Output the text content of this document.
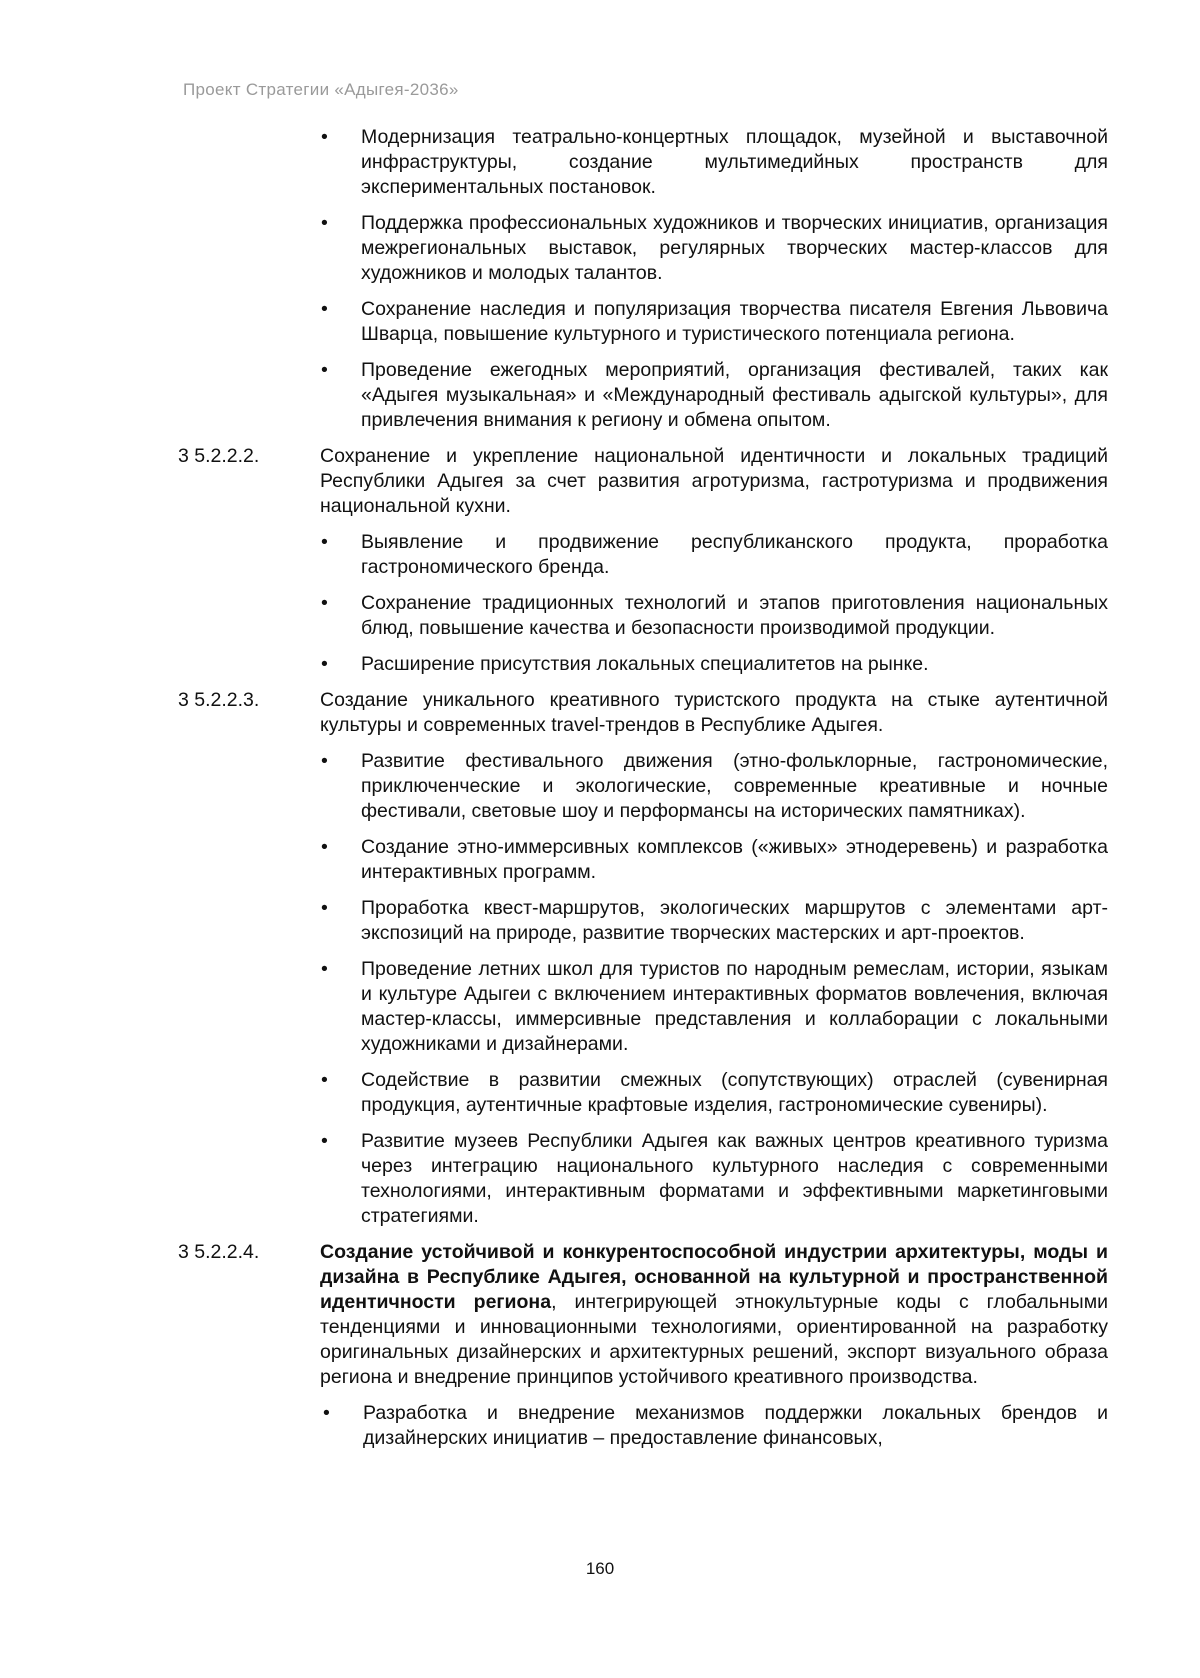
Проект Стратегии «Адыгея-2036»
• Модернизация театрально-концертных площадок, музейной и выставочной инфраструктуры, создание мультимедийных пространств для экспериментальных постановок.
• Поддержка профессиональных художников и творческих инициатив, организация межрегиональных выставок, регулярных творческих мастер-классов для художников и молодых талантов.
• Сохранение наследия и популяризация творчества писателя Евгения Львовича Шварца, повышение культурного и туристического потенциала региона.
• Проведение ежегодных мероприятий, организация фестивалей, таких как «Адыгея музыкальная» и «Международный фестиваль адыгской культуры», для привлечения внимания к региону и обмена опытом.
3 5.2.2.2.	Сохранение и укрепление национальной идентичности и локальных традиций Республики Адыгея за счет развития агротуризма, гастротуризма и продвижения национальной кухни.
• Выявление и продвижение республиканского продукта, проработка гастрономического бренда.
• Сохранение традиционных технологий и этапов приготовления национальных блюд, повышение качества и безопасности производимой продукции.
• Расширение присутствия локальных специалитетов на рынке.
3 5.2.2.3.	Создание уникального креативного туристского продукта на стыке аутентичной культуры и современных travel-трендов в Республике Адыгея.
• Развитие фестивального движения (этно-фольклорные, гастрономические, приключенческие и экологические, современные креативные и ночные фестивали, световые шоу и перформансы на исторических памятниках).
• Создание этно-иммерсивных комплексов («живых» этнодеревень) и разработка интерактивных программ.
• Проработка квест-маршрутов, экологических маршрутов с элементами арт-экспозиций на природе, развитие творческих мастерских и арт-проектов.
• Проведение летних школ для туристов по народным ремеслам, истории, языкам и культуре Адыгеи с включением интерактивных форматов вовлечения, включая мастер-классы, иммерсивные представления и коллаборации с локальными художниками и дизайнерами.
• Содействие в развитии смежных (сопутствующих) отраслей (сувенирная продукция, аутентичные крафтовые изделия, гастрономические сувениры).
• Развитие музеев Республики Адыгея как важных центров креативного туризма через интеграцию национального культурного наследия с современными технологиями, интерактивным форматами и эффективными маркетинговыми стратегиями.
3 5.2.2.4.	Создание устойчивой и конкурентоспособной индустрии архитектуры, моды и дизайна в Республике Адыгея, основанной на культурной и пространственной идентичности региона, интегрирующей этнокультурные коды с глобальными тенденциями и инновационными технологиями, ориентированной на разработку оригинальных дизайнерских и архитектурных решений, экспорт визуального образа региона и внедрение принципов устойчивого креативного производства.
• Разработка и внедрение механизмов поддержки локальных брендов и дизайнерских инициатив – предоставление финансовых,
160
